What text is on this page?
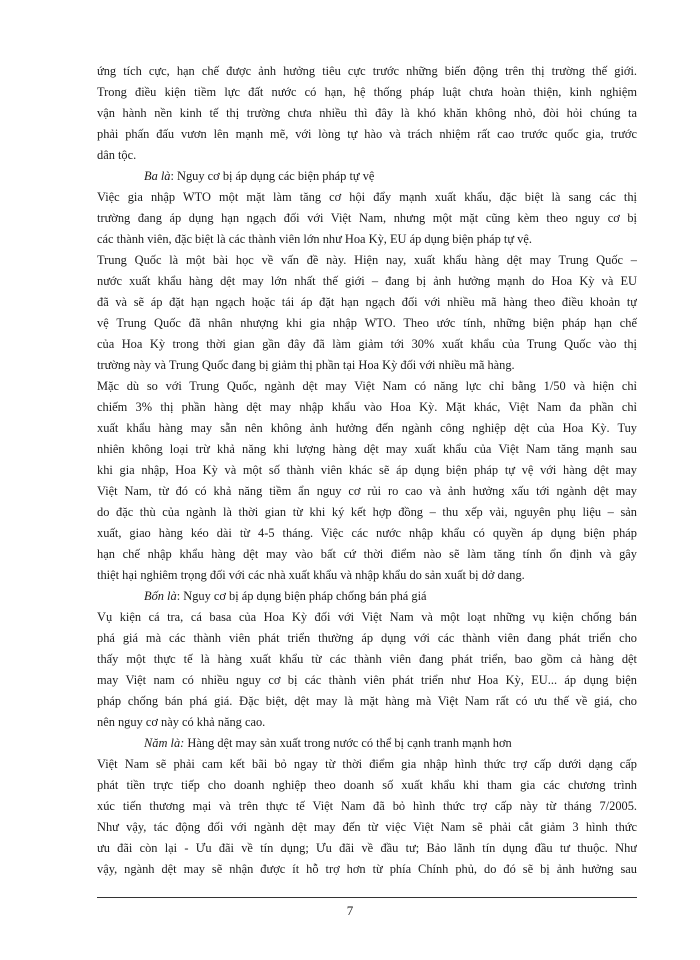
ứng tích cực, hạn chế được ảnh hưởng tiêu cực trước những biến động trên thị trường thế giới.
Trong điều kiện tiềm lực đất nước có hạn, hệ thống pháp luật chưa hoàn thiện, kinh nghiệm
vận hành nền kinh tế thị trường chưa nhiều thì đây là khó khăn không nhỏ, đòi hỏi chúng ta
phải phấn đấu vươn lên mạnh mẽ, với lòng tự hào và trách nhiệm rất cao trước quốc gia, trước
dân tộc.

Ba là: Nguy cơ bị áp dụng các biện pháp tự vệ

Việc gia nhập WTO một mặt làm tăng cơ hội đẩy mạnh xuất khẩu, đặc biệt là sang các thị
trường đang áp dụng hạn ngạch đối với Việt Nam, nhưng một mặt cũng kèm theo nguy cơ bị
các thành viên, đặc biệt là các thành viên lớn như Hoa Kỳ, EU áp dụng biện pháp tự vệ.

Trung Quốc là một bài học về vấn đề này. Hiện nay, xuất khẩu hàng dệt may Trung Quốc –
nước xuất khẩu hàng dệt may lớn nhất thế giới – đang bị ảnh hưởng mạnh do Hoa Kỳ và EU
đã và sẽ áp đặt hạn ngạch hoặc tái áp đặt hạn ngạch đối với nhiều mã hàng theo điều khoản tự
vệ Trung Quốc đã nhân nhượng khi gia nhập WTO. Theo ước tính, những biện pháp hạn chế
của Hoa Kỳ trong thời gian gần đây đã làm giảm tới 30% xuất khẩu của Trung Quốc vào thị
trường này và Trung Quốc đang bị giảm thị phần tại Hoa Kỳ đối với nhiều mã hàng.

Mặc dù so với Trung Quốc, ngành dệt may Việt Nam có năng lực chỉ bằng 1/50 và hiện chỉ
chiếm 3% thị phần hàng dệt may nhập khẩu vào Hoa Kỳ. Mặt khác, Việt Nam đa phần chỉ
xuất khẩu hàng may sẵn nên không ảnh hưởng đến ngành công nghiệp dệt của Hoa Kỳ. Tuy
nhiên không loại trừ khả năng khi lượng hàng dệt may xuất khẩu của Việt Nam tăng mạnh sau
khi gia nhập, Hoa Kỳ và một số thành viên khác sẽ áp dụng biện pháp tự vệ với hàng dệt may
Việt Nam, từ đó có khả năng tiềm ẩn nguy cơ rủi ro cao và ảnh hưởng xấu tới ngành dệt may
do đặc thù của ngành là thời gian từ khi ký kết hợp đồng – thu xếp vải, nguyên phụ liệu – sản
xuất, giao hàng kéo dài từ 4-5 tháng. Việc các nước nhập khẩu có quyền áp dụng biện pháp
hạn chế nhập khẩu hàng dệt may vào bất cứ thời điểm nào sẽ làm tăng tính ổn định và gây
thiệt hại nghiêm trọng đối với các nhà xuất khẩu và nhập khẩu do sản xuất bị dở dang.

Bốn là: Nguy cơ bị áp dụng biện pháp chống bán phá giá

Vụ kiện cá tra, cá basa của Hoa Kỳ đối với Việt Nam và một loạt những vụ kiện chống bán
phá giá mà các thành viên phát triển thường áp dụng với các thành viên đang phát triển cho
thấy một thực tế là hàng xuất khẩu từ các thành viên đang phát triển, bao gồm cả hàng dệt
may Việt nam có nhiều nguy cơ bị các thành viên phát triển như Hoa Kỳ, EU... áp dụng biện
pháp chống bán phá giá. Đặc biệt, dệt may là mặt hàng mà Việt Nam rất có ưu thế về giá, cho
nên nguy cơ này có khả năng cao.

Năm là: Hàng dệt may sản xuất trong nước có thể bị cạnh tranh mạnh hơn

Việt Nam sẽ phải cam kết bãi bỏ ngay từ thời điểm gia nhập hình thức trợ cấp dưới dạng cấp
phát tiền trực tiếp cho doanh nghiệp theo doanh số xuất khẩu khi tham gia các chương trình
xúc tiến thương mại và trên thực tế Việt Nam đã bỏ hình thức trợ cấp này từ tháng 7/2005.
Như vậy, tác động đối với ngành dệt may đến từ việc Việt Nam sẽ phải cắt giảm 3 hình thức
ưu đãi còn lại - Ưu đãi về tín dụng; Ưu đãi về đầu tư; Bảo lãnh tín dụng đầu tư thuộc. Như
vậy, ngành dệt may sẽ nhận được ít hỗ trợ hơn từ phía Chính phủ, do đó sẽ bị ảnh hưởng sau

7
